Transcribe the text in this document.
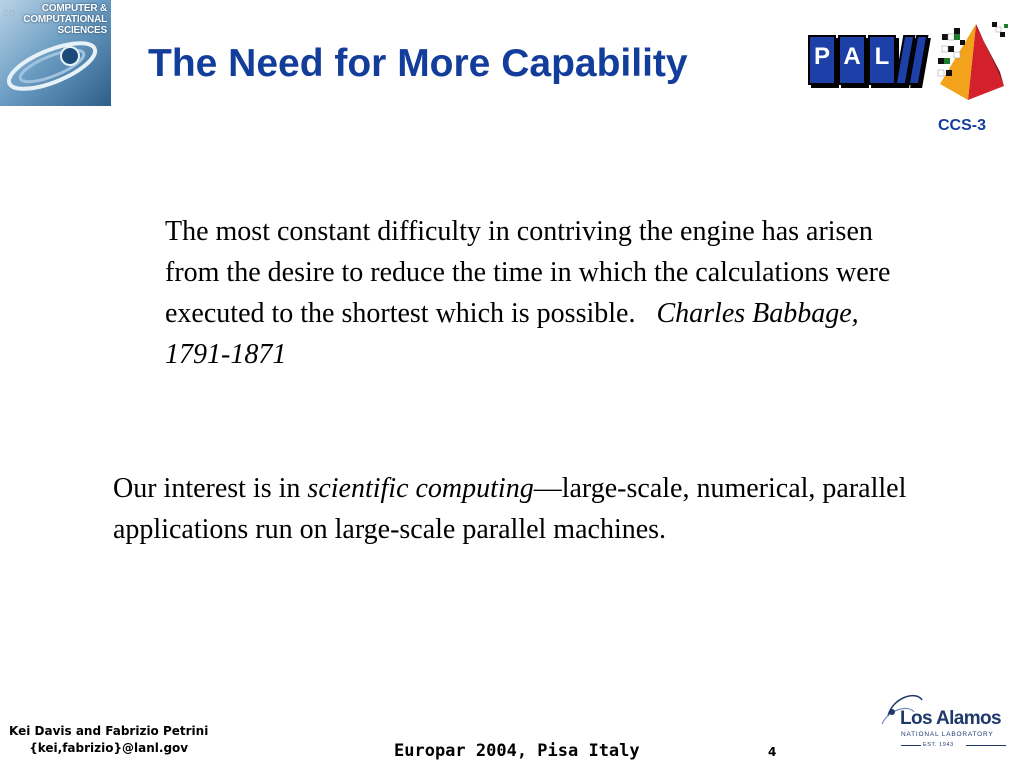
co	COMPUTER &
COMPUTATIONAL
SCIENCES
The Need for More Capability	P A L
CCS-3
The most constant difficulty in contriving the engine has arisen from the desire to reduce the time in which the calculations were executed to the shortest which is possible. Charles Babbage, 1791-1871
Our interest is in scientific computing—large-scale, numerical, parallel applications run on large-scale parallel machines.
Kei Davis and Fabrizio Petrini
{kei,fabrizio}@lanl.gov	Europar 2004, Pisa Italy	4
Los Alamos
NATIONAL LABORATORY
EST. 1943
